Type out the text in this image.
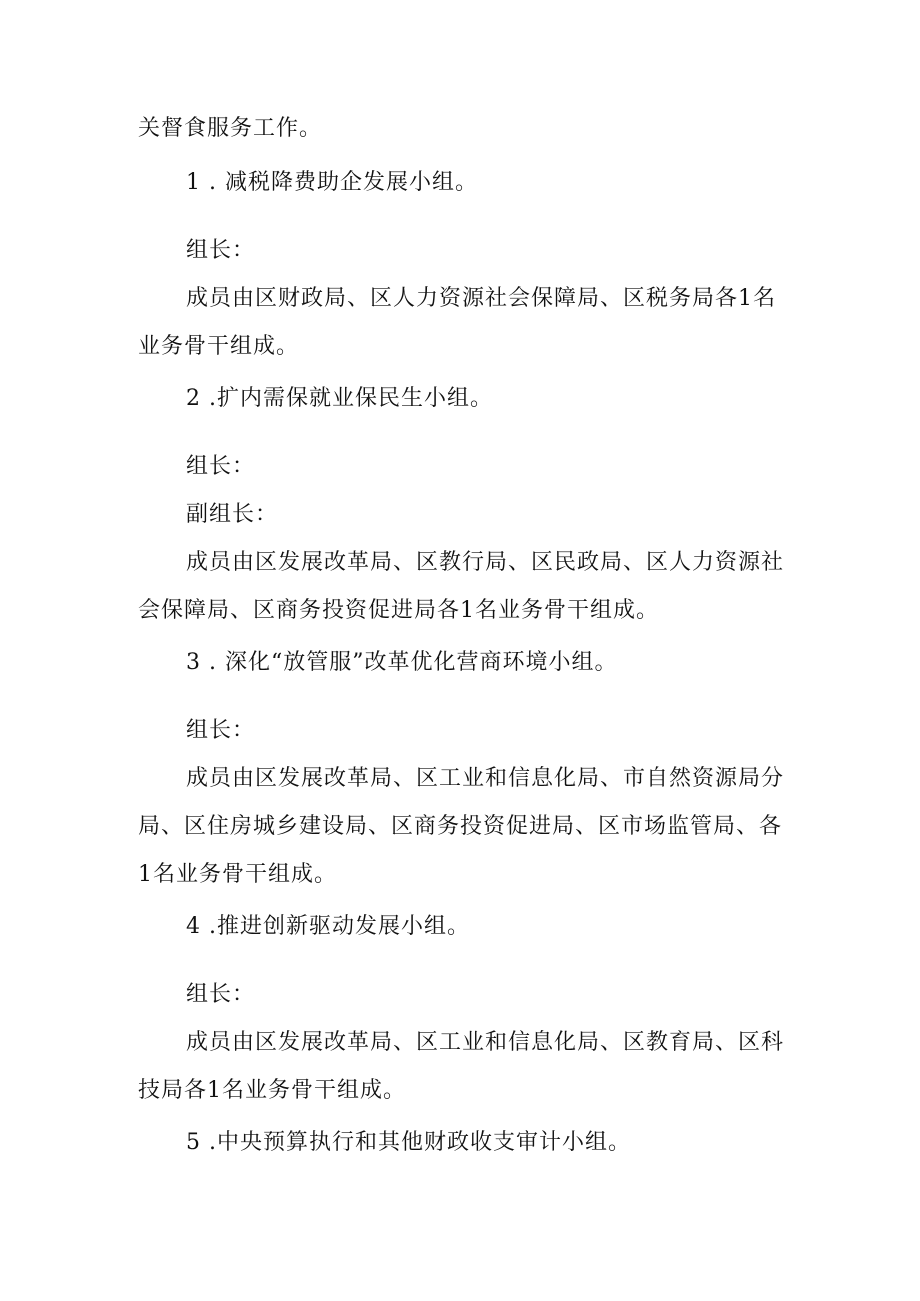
关督食服务工作。
1 . 减税降费助企发展小组。
组长：
成员由区财政局、区人力资源社会保障局、区税务局各1名
业务骨干组成。
2 .扩内需保就业保民生小组。
组长：
副组长：
成员由区发展改革局、区教行局、区民政局、区人力资源社
会保障局、区商务投资促进局各1名业务骨干组成。
3 . 深化“放管服”改革优化营商环境小组。
组长：
成员由区发展改革局、区工业和信息化局、市自然资源局分
局、区住房城乡建设局、区商务投资促进局、区市场监管局、各
1名业务骨干组成。
4 .推进创新驱动发展小组。
组长：
成员由区发展改革局、区工业和信息化局、区教育局、区科
技局各1名业务骨干组成。
5 .中央预算执行和其他财政收支审计小组。
